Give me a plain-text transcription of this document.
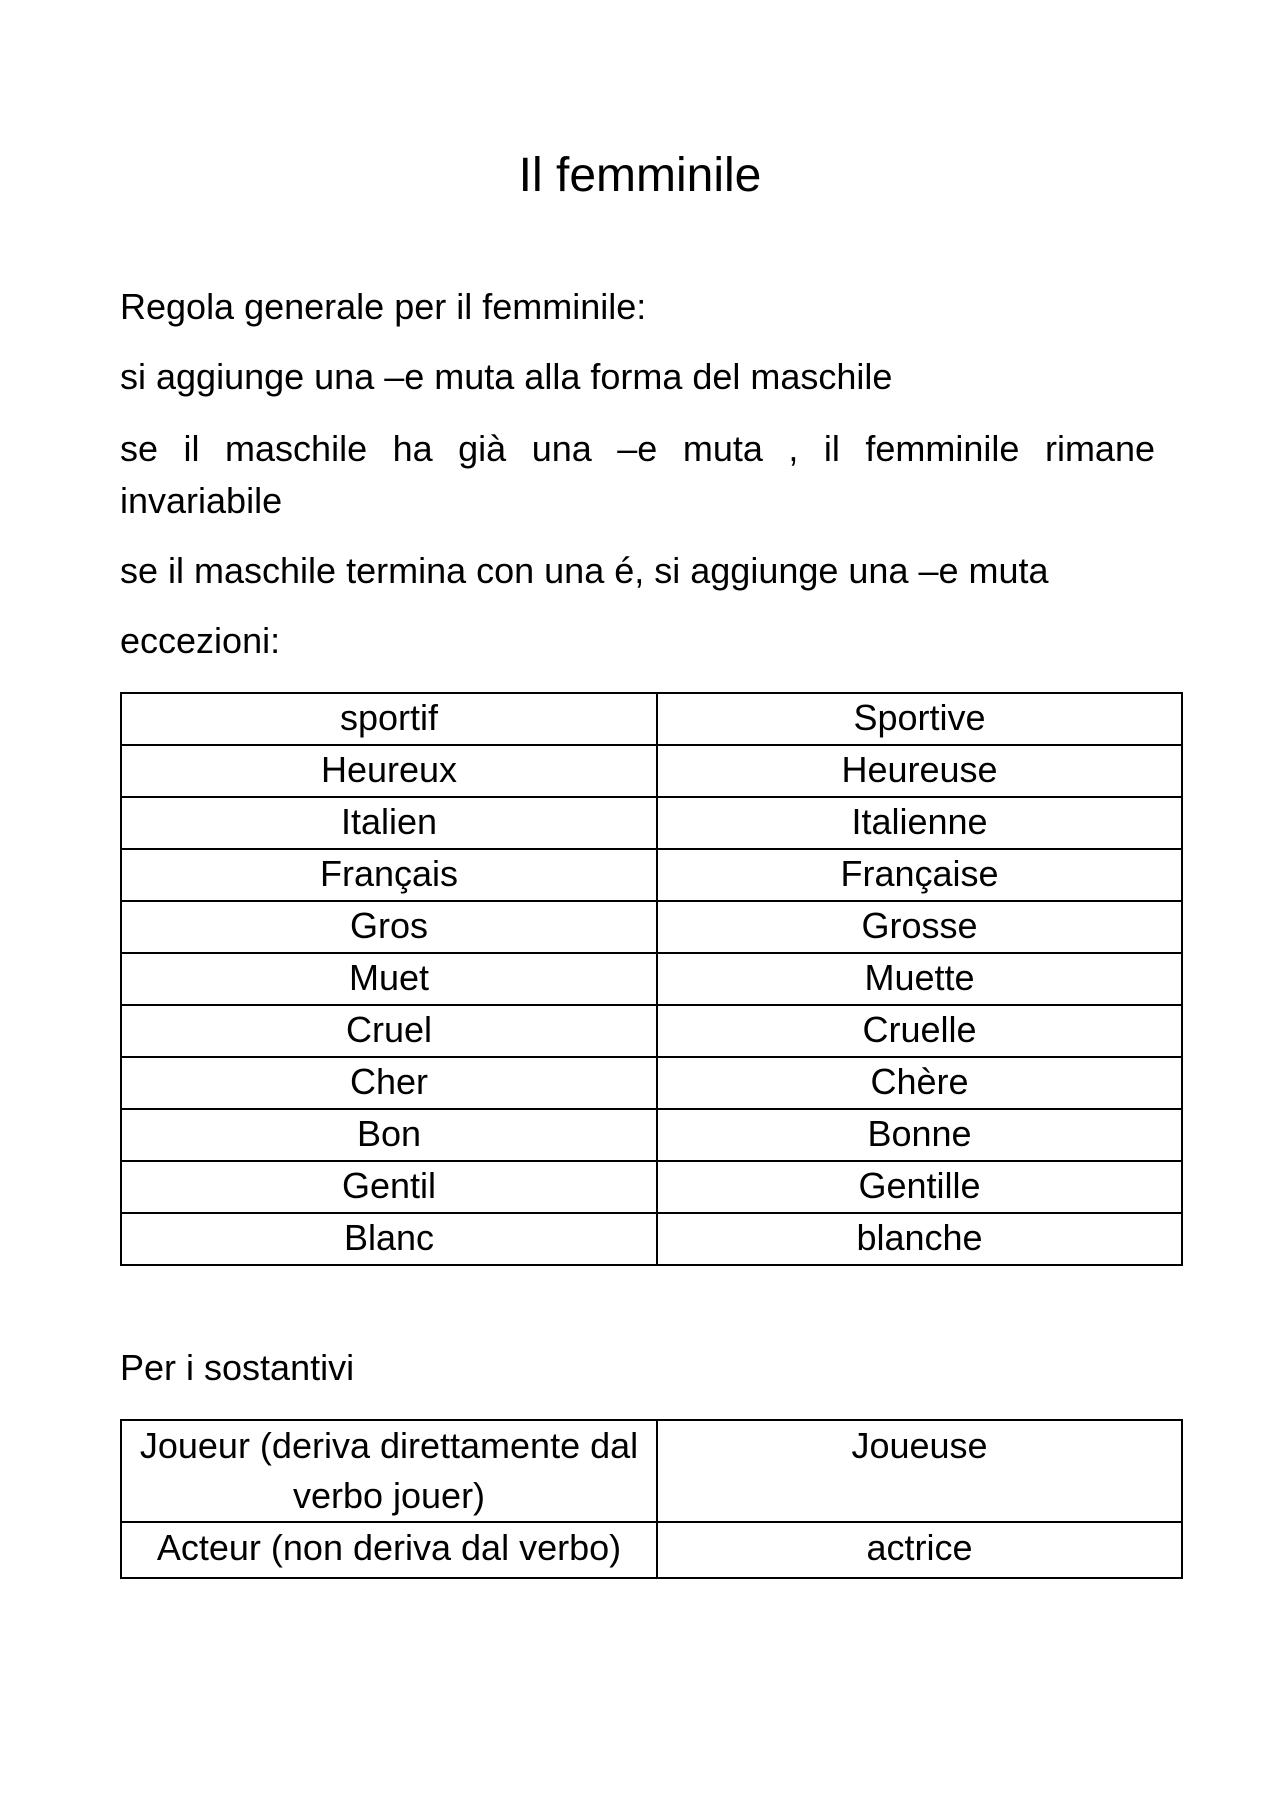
Il femminile
Regola generale per il femminile:
si aggiunge una –e muta alla forma del maschile
se il maschile ha già una –e muta , il femminile rimane invariabile
se il maschile termina con una é, si aggiunge una –e muta
eccezioni:
sportif	Sportive
Heureux	Heureuse
Italien	Italienne
Français	Française
Gros	Grosse
Muet	Muette
Cruel	Cruelle
Cher	Chère
Bon	Bonne
Gentil	Gentille
Blanc	blanche
Per i sostantivi
Joueur (deriva direttamente dal verbo jouer)	Joueuse
Acteur (non deriva dal verbo)	actrice
